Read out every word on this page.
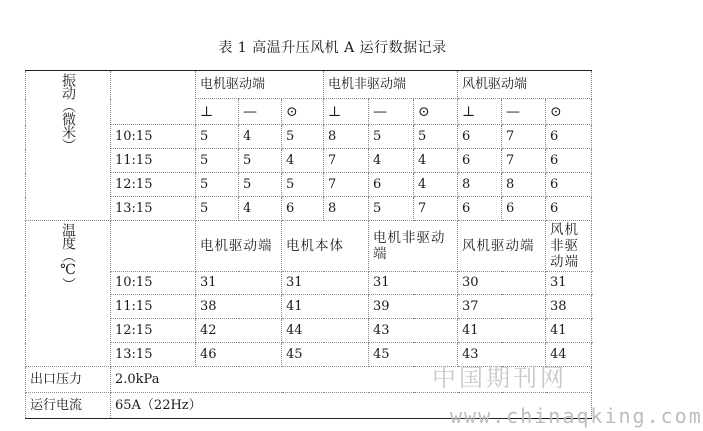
表 1 高温升压风机 A 运行数据记录
振动（微米）		电机驱动端			电机非驱动端			风机驱动端		
		⊥	—	⊙	⊥	—	⊙	⊥	—	⊙
	10:15	5	4	5	8	5	5	6	7	6
	11:15	5	5	4	7	4	4	6	7	6
	12:15	5	5	5	7	6	4	8	8	6
	13:15	5	4	6	8	5	7	6	6	6
温度（℃）		电机驱动端		电机本体		电机非驱动端		风机驱动端		风机非驱动端
	10:15	31		31		31		30		31
	11:15	38		41		39		37		38
	12:15	42		44		43		41		41
	13:15	46		45		45		43		44
出口压力	2.0kPa									
运行电流	65A（22Hz）									
中国期刊网
www.chinaqking.com
